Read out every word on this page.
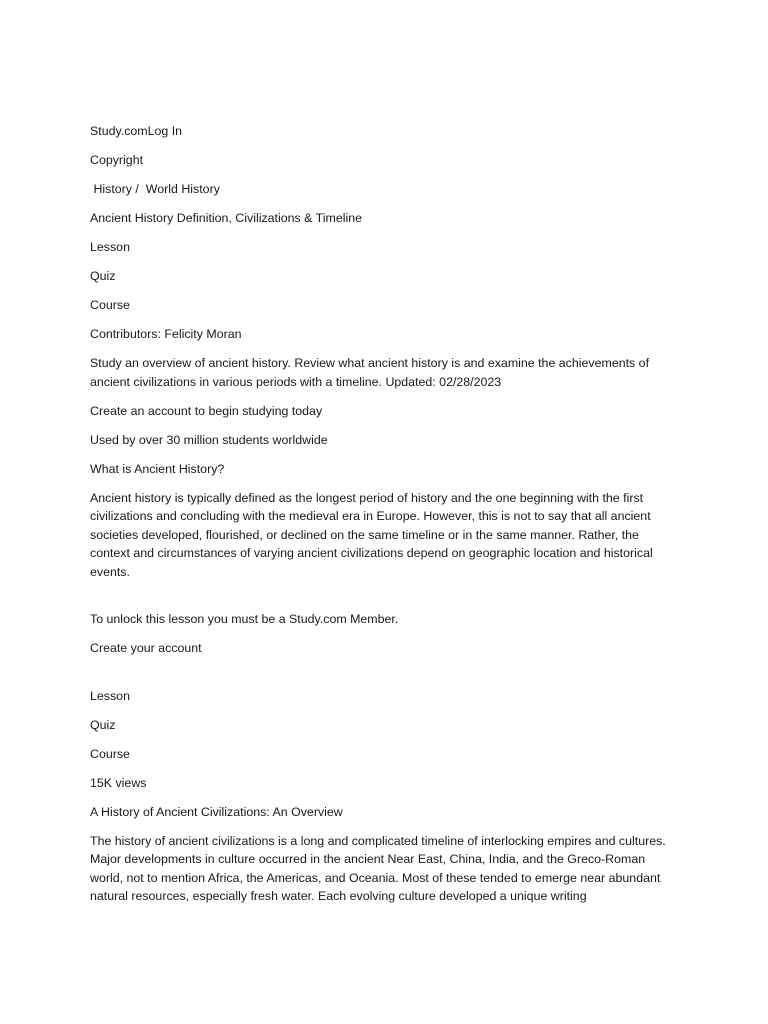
Study.comLog In

Copyright

History /  World History

Ancient History Definition, Civilizations & Timeline

Lesson

Quiz

Course

Contributors: Felicity Moran

Study an overview of ancient history. Review what ancient history is and examine the achievements of ancient civilizations in various periods with a timeline. Updated: 02/28/2023

Create an account to begin studying today

Used by over 30 million students worldwide

What is Ancient History?

Ancient history is typically defined as the longest period of history and the one beginning with the first civilizations and concluding with the medieval era in Europe. However, this is not to say that all ancient societies developed, flourished, or declined on the same timeline or in the same manner. Rather, the context and circumstances of varying ancient civilizations depend on geographic location and historical events.

To unlock this lesson you must be a Study.com Member.

Create your account

Lesson

Quiz

Course

15K views

A History of Ancient Civilizations: An Overview

The history of ancient civilizations is a long and complicated timeline of interlocking empires and cultures. Major developments in culture occurred in the ancient Near East, China, India, and the Greco-Roman world, not to mention Africa, the Americas, and Oceania. Most of these tended to emerge near abundant natural resources, especially fresh water. Each evolving culture developed a unique writing
